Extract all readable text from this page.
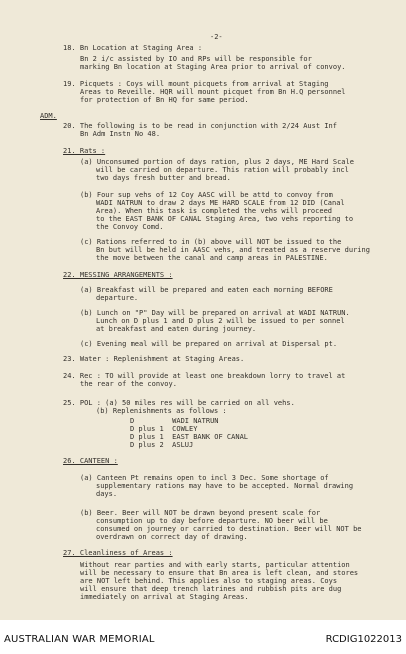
-2-
18. Bn Location at Staging Area :
Bn 2 i/c assisted by IO and RPs will be responsible for
marking Bn location at Staging Area prior to arrival of convoy.
19. Picquets : Coys will mount picquets from arrival at Staging
Areas to Reveille. HQR will mount picquet from Bn H.Q personnel
for protection of Bn HQ for same period.
ADM.
20. The following is to be read in conjunction with 2/24 Aust Inf
Bn Adm Instn No 48.
21. Rats :
(a) Unconsumed portion of days ration, plus 2 days, ME Hard Scale
will be carried on departure. This ration will probably incl
two days fresh butter and bread.
(b) Four sup vehs of 12 Coy AASC will be attd to convoy from
WADI NATRUN to draw 2 days ME HARD SCALE from 12 DID (Canal
Area). When this task is completed the vehs will proceed
to the EAST BANK OF CANAL Staging Area, two vehs reporting to
the Convoy Comd.
(c) Rations referred to in (b) above will NOT be issued to the
Bn but will be held in AASC vehs, and treated as a reserve during
the move between the canal and camp areas in PALESTINE.
22. MESSING ARRANGEMENTS :
(a) Breakfast will be prepared and eaten each morning BEFORE
departure.
(b) Lunch on "P" Day will be prepared on arrival at WADI NATRUN.
Lunch on D plus 1 and D plus 2 will be issued to per sonnel
at breakfast and eaten during journey.
(c) Evening meal will be prepared on arrival at Dispersal pt.
23. Water : Replenishment at Staging Areas.
24. Rec : TO will provide at least one breakdown lorry to travel at
the rear of the convoy.
25. POL : (a) 50 miles res will be carried on all vehs.
(b) Replenishments as follows :
D         WADI NATRUN
D plus 1  COWLEY
D plus 1  EAST BANK OF CANAL
D plus 2  ASLUJ
26. CANTEEN :
(a) Canteen Pt remains open to incl 3 Dec. Some shortage of
supplementary rations may have to be accepted. Normal drawing
days.
(b) Beer. Beer will NOT be drawn beyond present scale for
consumption up to day before departure. NO beer will be
consumed on journey or carried to destination. Beer will NOT be
overdrawn on correct day of drawing.
27. Cleanliness of Areas :
Without rear parties and with early starts, particular attention
will be necessary to ensure that Bn area is left clean, and stores
are NOT left behind. This applies also to staging areas. Coys
will ensure that deep trench latrines and rubbish pits are dug
immediately on arrival at Staging Areas.
AUSTRALIAN WAR MEMORIAL	RCDIG1022013
